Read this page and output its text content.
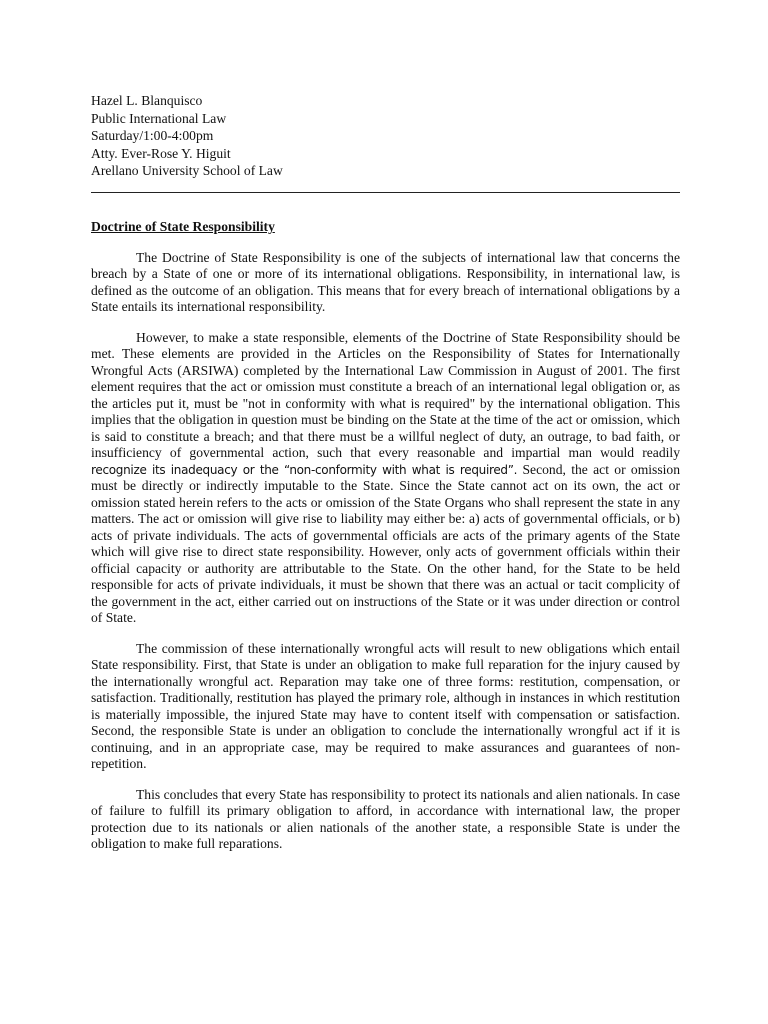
Hazel L. Blanquisco
Public International Law
Saturday/1:00-4:00pm
Atty. Ever-Rose Y. Higuit
Arellano University School of Law
Doctrine of State Responsibility

The Doctrine of State Responsibility is one of the subjects of international law that concerns the breach by a State of one or more of its international obligations. Responsibility, in international law, is defined as the outcome of an obligation. This means that for every breach of international obligations by a State entails its international responsibility.

However, to make a state responsible, elements of the Doctrine of State Responsibility should be met. These elements are provided in the Articles on the Responsibility of States for Internationally Wrongful Acts (ARSIWA) completed by the International Law Commission in August of 2001. The first element requires that the act or omission must constitute a breach of an international legal obligation or, as the articles put it, must be "not in conformity with what is required" by the international obligation. This implies that the obligation in question must be binding on the State at the time of the act or omission, which is said to constitute a breach; and that there must be a willful neglect of duty, an outrage, to bad faith, or insufficiency of governmental action, such that every reasonable and impartial man would readily recognize its inadequacy or the “non-conformity with what is required”. Second, the act or omission must be directly or indirectly imputable to the State. Since the State cannot act on its own, the act or omission stated herein refers to the acts or omission of the State Organs who shall represent the state in any matters. The act or omission will give rise to liability may either be: a) acts of governmental officials, or b) acts of private individuals. The acts of governmental officials are acts of the primary agents of the State which will give rise to direct state responsibility. However, only acts of government officials within their official capacity or authority are attributable to the State. On the other hand, for the State to be held responsible for acts of private individuals, it must be shown that there was an actual or tacit complicity of the government in the act, either carried out on instructions of the State or it was under direction or control of State.

The commission of these internationally wrongful acts will result to new obligations which entail State responsibility. First, that State is under an obligation to make full reparation for the injury caused by the internationally wrongful act. Reparation may take one of three forms: restitution, compensation, or satisfaction. Traditionally, restitution has played the primary role, although in instances in which restitution is materially impossible, the injured State may have to content itself with compensation or satisfaction. Second, the responsible State is under an obligation to conclude the internationally wrongful act if it is continuing, and in an appropriate case, may be required to make assurances and guarantees of non-repetition.

This concludes that every State has responsibility to protect its nationals and alien nationals. In case of failure to fulfill its primary obligation to afford, in accordance with international law, the proper protection due to its nationals or alien nationals of the another state, a responsible State is under the obligation to make full reparations.
